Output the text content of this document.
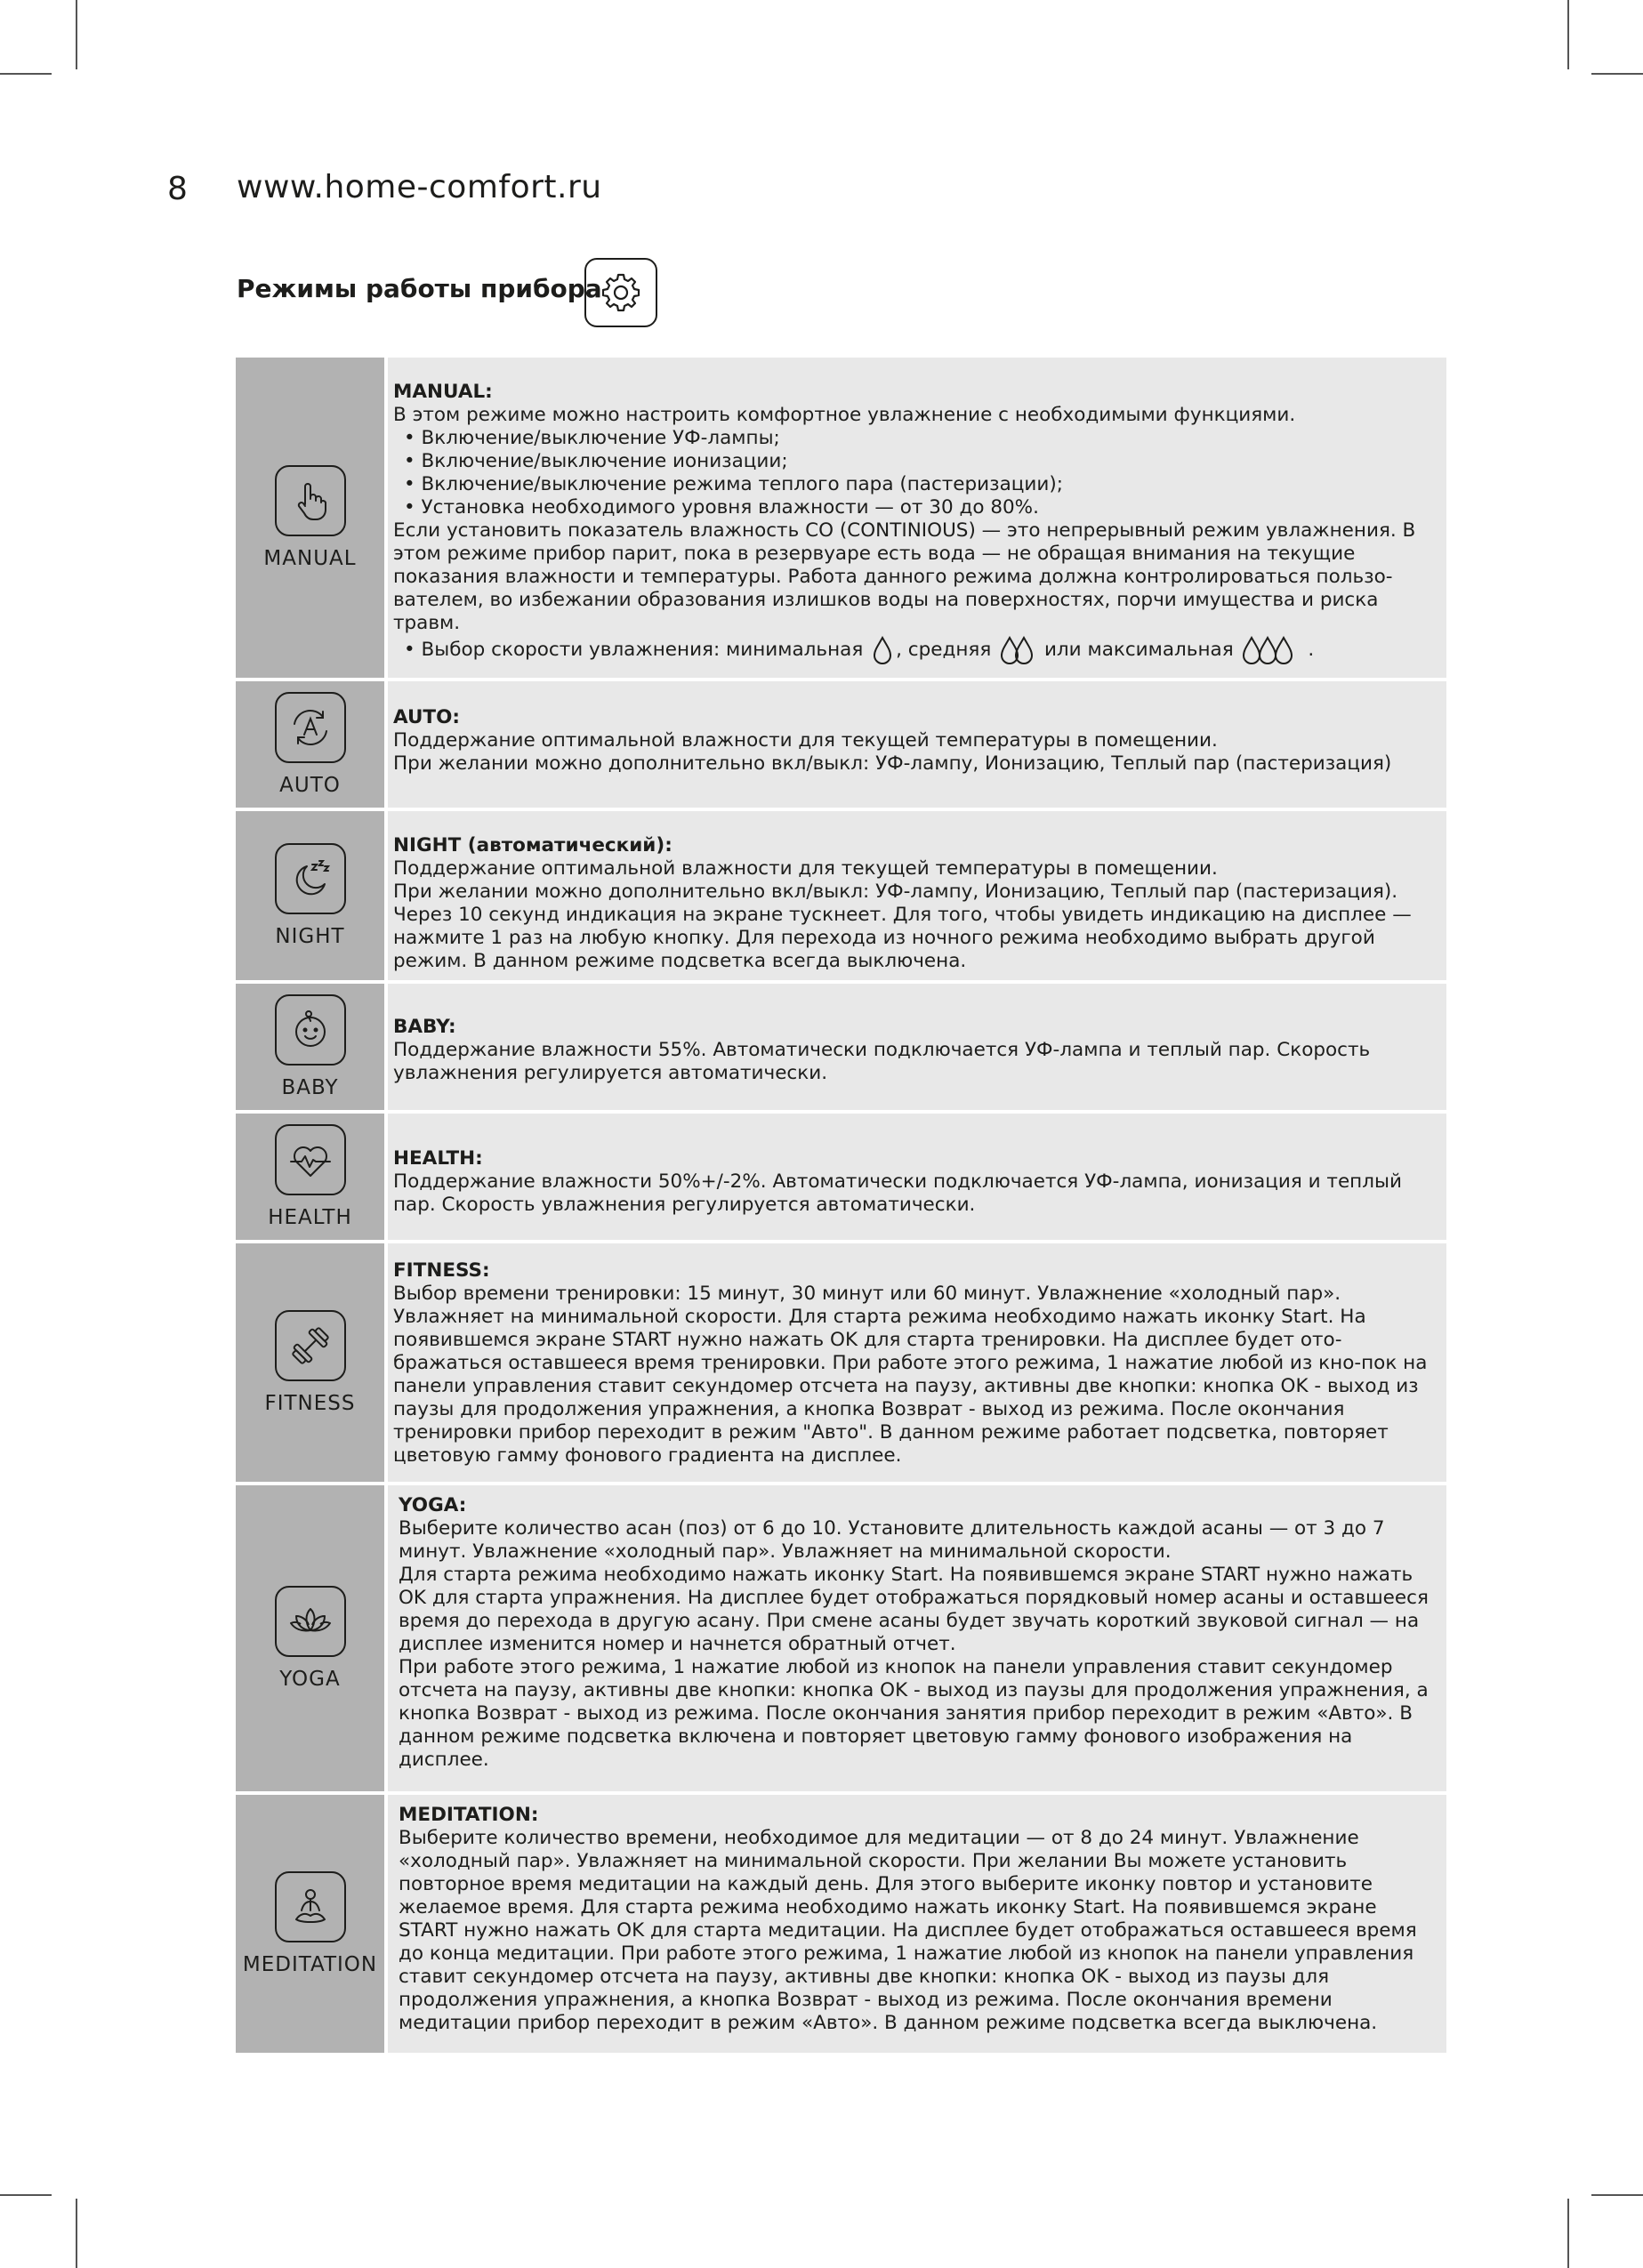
8 www.home-comfort.ru
Режимы работы прибора
MANUAL

MANUAL:

В этом режиме можно настроить комфортное увлажнение с необходимыми функциями.

• Включение/выключение УФ-лампы;

• Включение/выключение ионизации;

• Включение/выключение режима теплого пара (пастеризации);

• Установка необходимого уровня влажности — от 30 до 80%.

Если установить показатель влажность CO (CONTINIOUS) — это непрерывный режим увлажнения. В этом режиме прибор парит, пока в резервуаре есть вода — не обращая внимания на текущие показания влажности и температуры. Работа данного режима должна контролироваться пользо-вателем, во избежании образования излишков воды на поверхностях, порчи имущества и риска травм.

• Выбор скорости увлажнения: минимальная , средняя	или максимальная	.

AUTO

AUTO:

Поддержание оптимальной влажности для текущей температуры в помещении.

При желании можно дополнительно вкл/выкл: УФ-лампу, Ионизацию, Теплый пар (пастеризация)

NIGHT

NIGHT (автоматический):

Поддержание оптимальной влажности для текущей температуры в помещении.

При желании можно дополнительно вкл/выкл: УФ-лампу, Ионизацию, Теплый пар (пастеризация). Через 10 секунд индикация на экране тускнеет. Для того, чтобы увидеть индикацию на дисплее — нажмите 1 раз на любую кнопку. Для перехода из ночного режима необходимо выбрать другой режим. В данном режиме подсветка всегда выключена.

BABY

BABY:

Поддержание влажности 55%. Автоматически подключается УФ-лампа и теплый пар. Скорость увлажнения регулируется автоматически.

HEALTH

HEALTH:

Поддержание влажности 50%+/-2%. Автоматически подключается УФ-лампа, ионизация и теплый пар. Скорость увлажнения регулируется автоматически.

FITNESS

FITNESS:

Выбор времени тренировки: 15 минут, 30 минут или 60 минут. Увлажнение «холодный пар». Увлажняет на минимальной скорости. Для старта режима необходимо нажать иконку Start. На появившемся экране START нужно нажать OK для старта тренировки. На дисплее будет ото-бражаться оставшееся время тренировки. При работе этого режима, 1 нажатие любой из кно-пок на панели управления ставит секундомер отсчета на паузу, активны две кнопки: кнопка OK - выход из паузы для продолжения упражнения, а кнопка Возврат - выход из режима. После окончания тренировки прибор переходит в режим "Авто". В данном режиме работает подсветка, повторяет цветовую гамму фонового градиента на дисплее.

YOGA

YOGA:

Выберите количество асан (поз) от 6 до 10. Установите длительность каждой асаны — от 3 до 7 минут. Увлажнение «холодный пар». Увлажняет на минимальной скорости.

Для старта режима необходимо нажать иконку Start. На появившемся экране START нужно нажать OK для старта упражнения. На дисплее будет отображаться порядковый номер асаны и оставшееся время до перехода в другую асану. При смене асаны будет звучать короткий звуковой сигнал — на дисплее изменится номер и начнется обратный отчет.

При работе этого режима, 1 нажатие любой из кнопок на панели управления ставит секундомер отсчета на паузу, активны две кнопки: кнопка OK - выход из паузы для продолжения упражнения, а кнопка Возврат - выход из режима. После окончания занятия прибор переходит в режим «Авто». В данном режиме подсветка включена и повторяет цветовую гамму фонового изображения на дисплее.

MEDITATION

MEDITATION:

Выберите количество времени, необходимое для медитации — от 8 до 24 минут. Увлажнение «холодный пар». Увлажняет на минимальной скорости. При желании Вы можете установить повторное время медитации на каждый день. Для этого выберите иконку повтор и установите желаемое время. Для старта режима необходимо нажать иконку Start. На появившемся экране START нужно нажать OK для старта медитации. На дисплее будет отображаться оставшееся время до конца медитации. При работе этого режима, 1 нажатие любой из кнопок на панели управления ставит секундомер отсчета на паузу, активны две кнопки: кнопка OK - выход из паузы для продолжения упражнения, а кнопка Возврат - выход из режима. После окончания времени медитации прибор переходит в режим «Авто». В данном режиме подсветка всегда выключена.
